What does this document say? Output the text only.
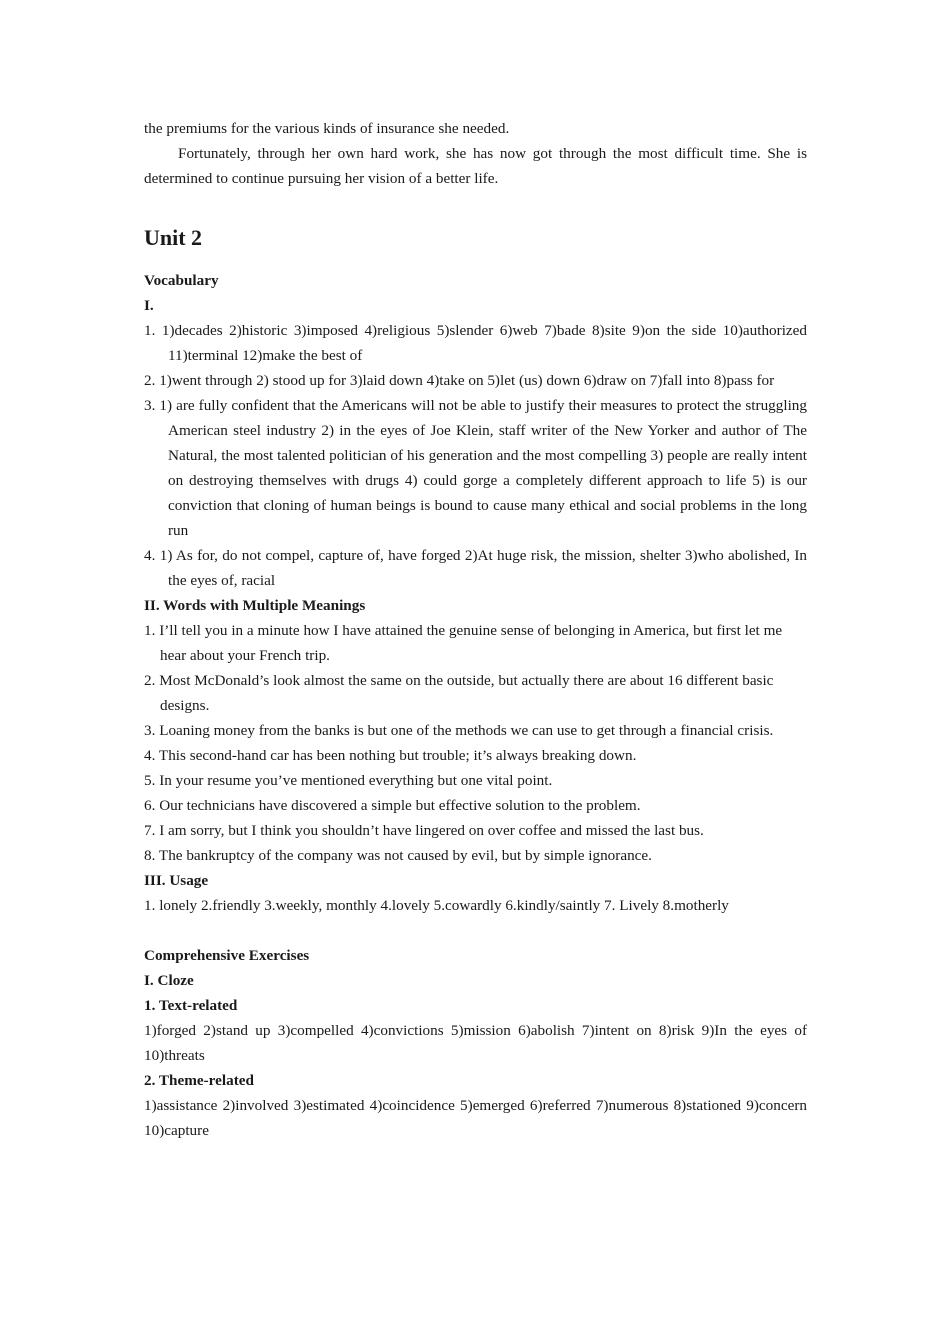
the premiums for the various kinds of insurance she needed.

Fortunately, through her own hard work, she has now got through the most difficult time. She is determined to continue pursuing her vision of a better life.

Unit 2

Vocabulary

I.

1. 1)decades 2)historic 3)imposed 4)religious 5)slender 6)web 7)bade 8)site 9)on the side 10)authorized 11)terminal 12)make the best of

2. 1)went through 2) stood up for 3)laid down 4)take on 5)let (us) down 6)draw on 7)fall into 8)pass for

3. 1) are fully confident that the Americans will not be able to justify their measures to protect the struggling American steel industry 2) in the eyes of Joe Klein, staff writer of the New Yorker and author of The Natural, the most talented politician of his generation and the most compelling 3) people are really intent on destroying themselves with drugs 4) could gorge a completely different approach to life 5) is our conviction that cloning of human beings is bound to cause many ethical and social problems in the long run

4. 1) As for, do not compel, capture of, have forged 2)At huge risk, the mission, shelter 3)who abolished, In the eyes of, racial

II. Words with Multiple Meanings

1. I’ll tell you in a minute how I have attained the genuine sense of belonging in America, but first let me hear about your French trip.

2. Most McDonald’s look almost the same on the outside, but actually there are about 16 different basic designs.

3. Loaning money from the banks is but one of the methods we can use to get through a financial crisis.

4. This second-hand car has been nothing but trouble; it’s always breaking down.

5. In your resume you’ve mentioned everything but one vital point.

6. Our technicians have discovered a simple but effective solution to the problem.

7. I am sorry, but I think you shouldn’t have lingered on over coffee and missed the last bus.

8. The bankruptcy of the company was not caused by evil, but by simple ignorance.

III. Usage

1. lonely 2.friendly 3.weekly, monthly 4.lovely 5.cowardly 6.kindly/saintly 7. Lively 8.motherly

Comprehensive Exercises

I. Cloze

1. Text-related

1)forged 2)stand up 3)compelled 4)convictions 5)mission 6)abolish 7)intent on 8)risk 9)In the eyes of 10)threats

2. Theme-related

1)assistance 2)involved 3)estimated 4)coincidence 5)emerged 6)referred 7)numerous 8)stationed 9)concern 10)capture
